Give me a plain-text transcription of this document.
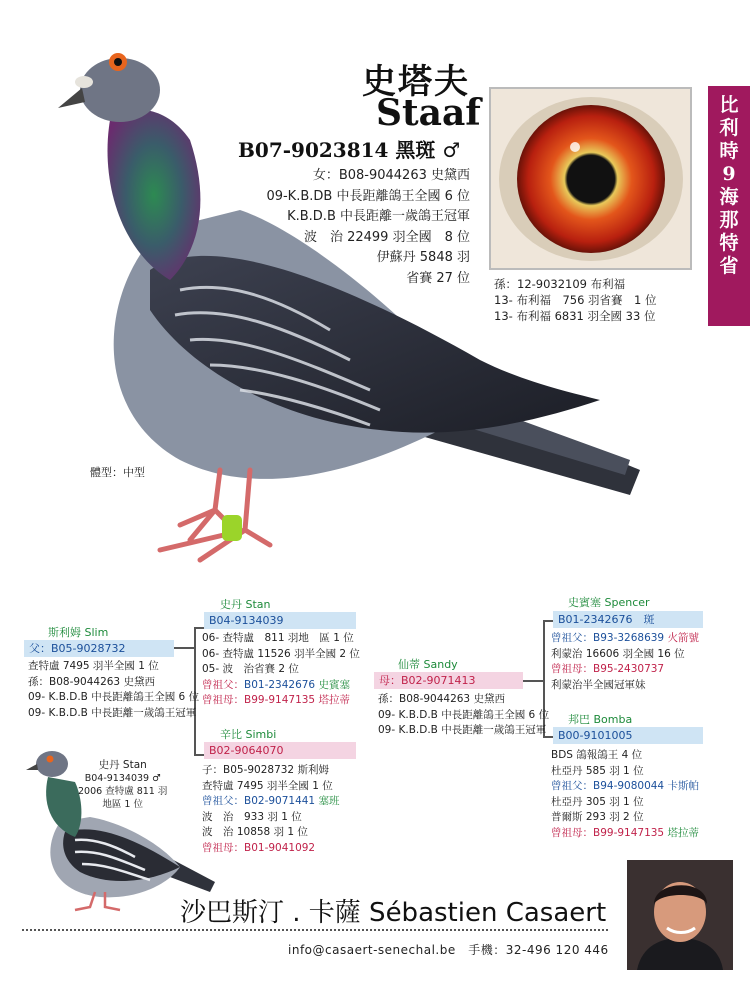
史塔夫
Staaf
B07-9023814 黑斑 ♂
女：B08-9044263 史黛西
09-K.B.DB 中長距離鴿王全國 6 位
K.B.D.B 中長距離一歲鴿王冠軍
波　治 22499 羽全國　8 位
伊蘇丹 5848 羽
省賽 27 位 孫：12-9032109 布利福
13- 布利福　756 羽省賽　1 位
13- 布利福 6831 羽全國 33 位
比
利
時
9
海
那
特
省
體型：中型
斯利姆 Slim
父：B05-9028732
查特盧 7495 羽半全國 1 位
孫：B08-9044263 史黛西
09- K.B.D.B 中長距離鴿王全國 6 位
09- K.B.D.B 中長距離一歲鴿王冠軍
史丹 Stan
B04-9134039
06- 查特盧　811 羽地　區 1 位
06- 查特盧 11526 羽半全國 2 位
05- 波　治省賽 2 位
曾祖父：B01-2342676 史賓塞
曾祖母：B99-9147135 塔拉蒂
辛比 Simbi
B02-9064070
子：B05-9028732 斯利姆
查特盧 7495 羽半全國 1 位
曾祖父：B02-9071441 塞班
波　治　933 羽 1 位
波　治 10858 羽 1 位
曾祖母：B01-9041092
仙蒂 Sandy
母：B02-9071413
孫：B08-9044263 史黛西
09- K.B.D.B 中長距離鴿王全國 6 位
09- K.B.D.B 中長距離一歲鴿王冠軍
史賓塞 Spencer
B01-2342676　斑
曾祖父：B93-3268639 火箭號
利蒙治 16606 羽全國 16 位
曾祖母：B95-2430737
利蒙治半全國冠軍妹
邦巴 Bomba
B00-9101005
BDS 鴿報鴿王 4 位
杜亞丹 585 羽 1 位
曾祖父：B94-9080044 卡斯帕
杜亞丹 305 羽 1 位
普爾斯 293 羽 2 位
曾祖母：B99-9147135 塔拉蒂
史丹 Stan
B04-9134039 ♂
2006 查特盧 811 羽
地區 1 位
沙巴斯汀 . 卡薩 Sébastien Casaert
info@casaert-senechal.be　手機：32-496 120 446
